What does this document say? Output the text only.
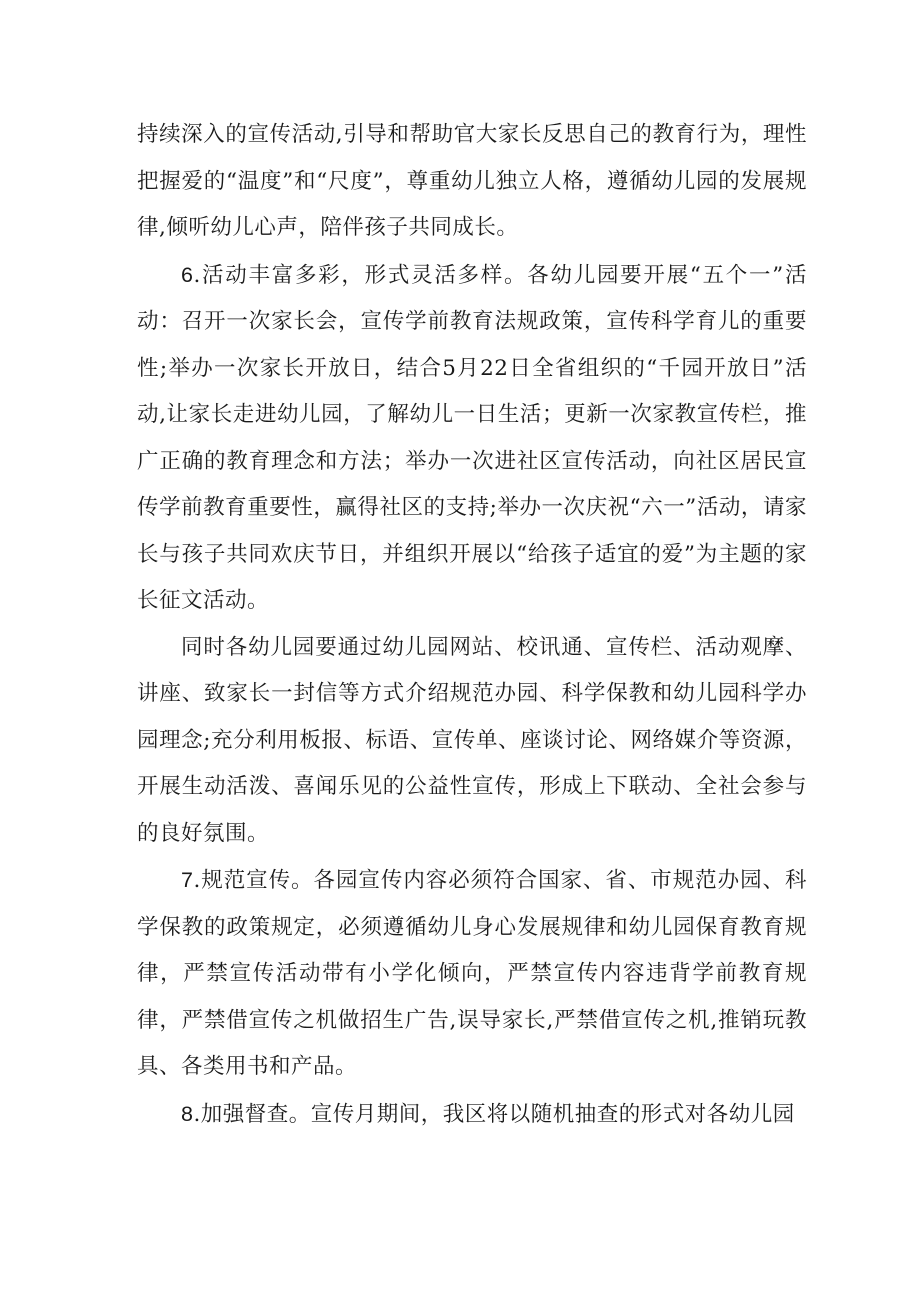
持续深入的宣传活动,引导和帮助官大家长反思自己的教育行为，理性把握爱的“温度”和“尺度”，尊重幼儿独立人格，遵循幼儿园的发展规律,倾听幼儿心声，陪伴孩子共同成长。

6.活动丰富多彩，形式灵活多样。各幼儿园要开展“五个一”活动：召开一次家长会，宣传学前教育法规政策，宣传科学育儿的重要性;举办一次家长开放日，结合5月22日全省组织的“千园开放日”活动,让家长走进幼儿园，了解幼儿一日生活；更新一次家教宣传栏，推广正确的教育理念和方法；举办一次进社区宣传活动，向社区居民宣传学前教育重要性，赢得社区的支持;举办一次庆祝“六一”活动，请家长与孩子共同欢庆节日，并组织开展以“给孩子适宜的爱”为主题的家长征文活动。

同时各幼儿园要通过幼儿园网站、校讯通、宣传栏、活动观摩、讲座、致家长一封信等方式介绍规范办园、科学保教和幼儿园科学办园理念;充分利用板报、标语、宣传单、座谈讨论、网络媒介等资源，开展生动活泼、喜闻乐见的公益性宣传，形成上下联动、全社会参与的良好氛围。

7.规范宣传。各园宣传内容必须符合国家、省、市规范办园、科学保教的政策规定，必须遵循幼儿身心发展规律和幼儿园保育教育规律，严禁宣传活动带有小学化倾向，严禁宣传内容违背学前教育规律，严禁借宣传之机做招生广告,误导家长,严禁借宣传之机,推销玩教具、各类用书和产品。

8.加强督查。宣传月期间，我区将以随机抽查的形式对各幼儿园
